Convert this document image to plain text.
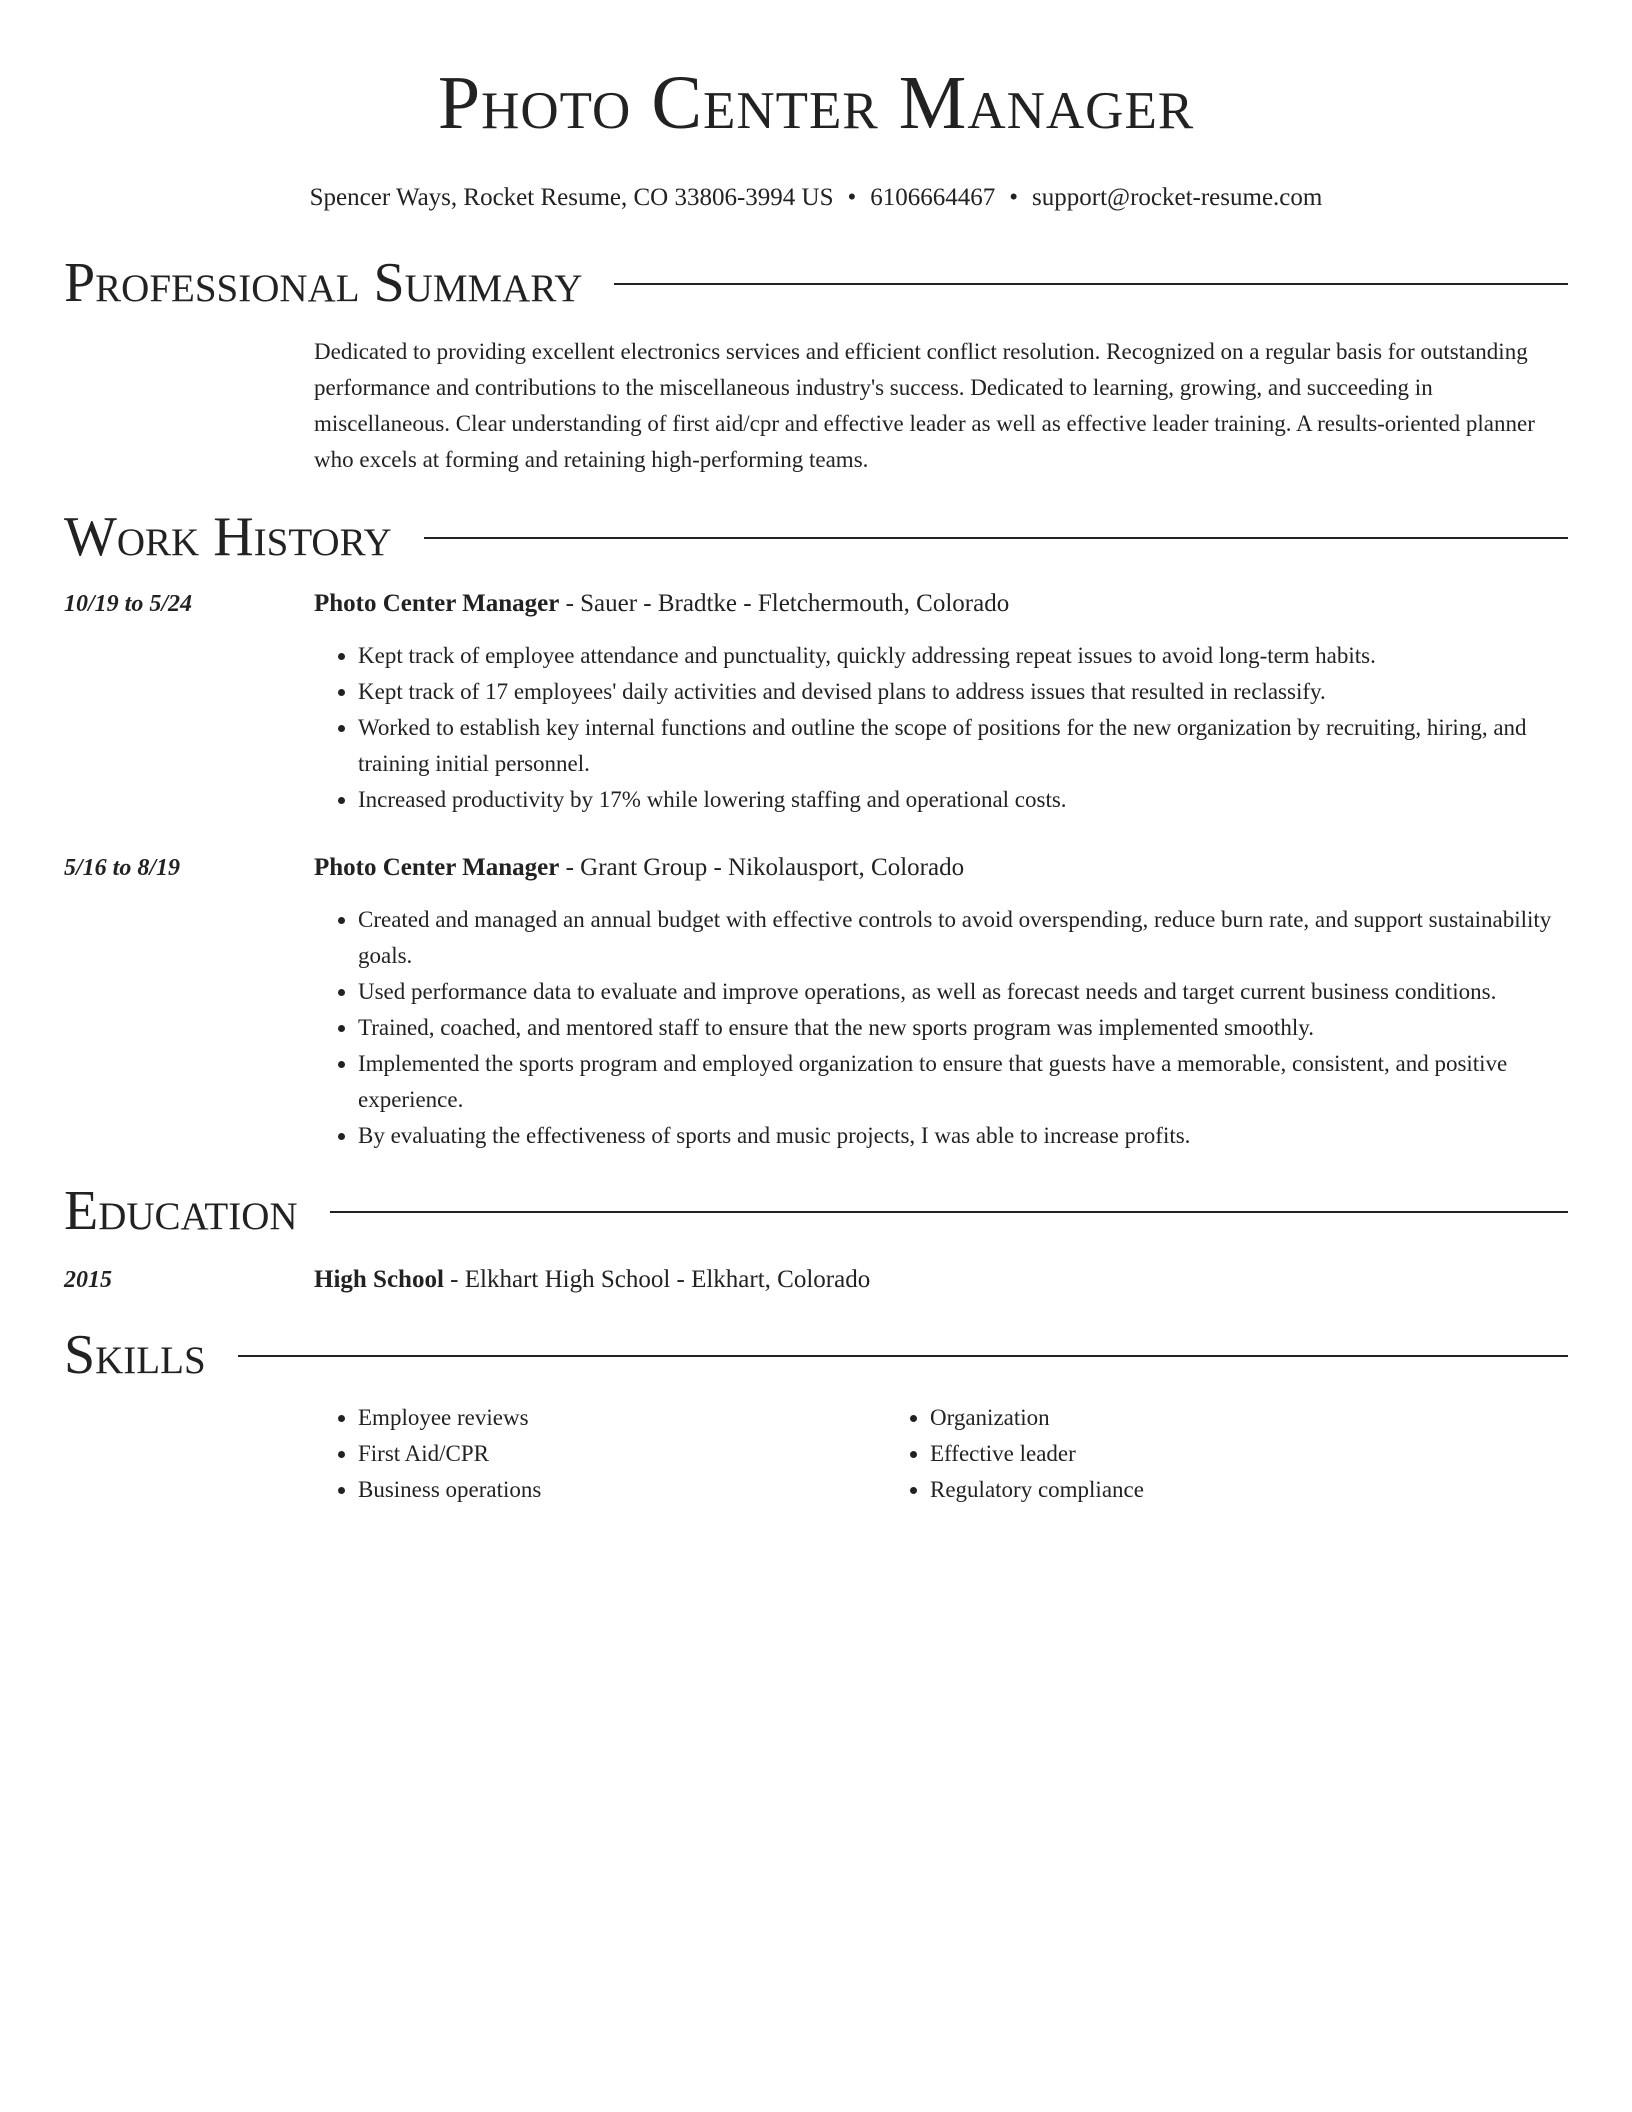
Photo Center Manager
Spencer Ways, Rocket Resume, CO 33806-3994 US • 6106664467 • support@rocket-resume.com
Professional Summary
Dedicated to providing excellent electronics services and efficient conflict resolution. Recognized on a regular basis for outstanding performance and contributions to the miscellaneous industry's success. Dedicated to learning, growing, and succeeding in miscellaneous. Clear understanding of first aid/cpr and effective leader as well as effective leader training. A results-oriented planner who excels at forming and retaining high-performing teams.
Work History
10/19 to 5/24	Photo Center Manager - Sauer - Bradtke - Fletchermouth, Colorado
• Kept track of employee attendance and punctuality, quickly addressing repeat issues to avoid long-term habits.
• Kept track of 17 employees' daily activities and devised plans to address issues that resulted in reclassify.
• Worked to establish key internal functions and outline the scope of positions for the new organization by recruiting, hiring, and training initial personnel.
• Increased productivity by 17% while lowering staffing and operational costs.
5/16 to 8/19	Photo Center Manager - Grant Group - Nikolausport, Colorado
• Created and managed an annual budget with effective controls to avoid overspending, reduce burn rate, and support sustainability goals.
• Used performance data to evaluate and improve operations, as well as forecast needs and target current business conditions.
• Trained, coached, and mentored staff to ensure that the new sports program was implemented smoothly.
• Implemented the sports program and employed organization to ensure that guests have a memorable, consistent, and positive experience.
• By evaluating the effectiveness of sports and music projects, I was able to increase profits.
Education
2015	High School - Elkhart High School - Elkhart, Colorado
Skills
• Employee reviews
• First Aid/CPR
• Business operations
• Organization
• Effective leader
• Regulatory compliance
